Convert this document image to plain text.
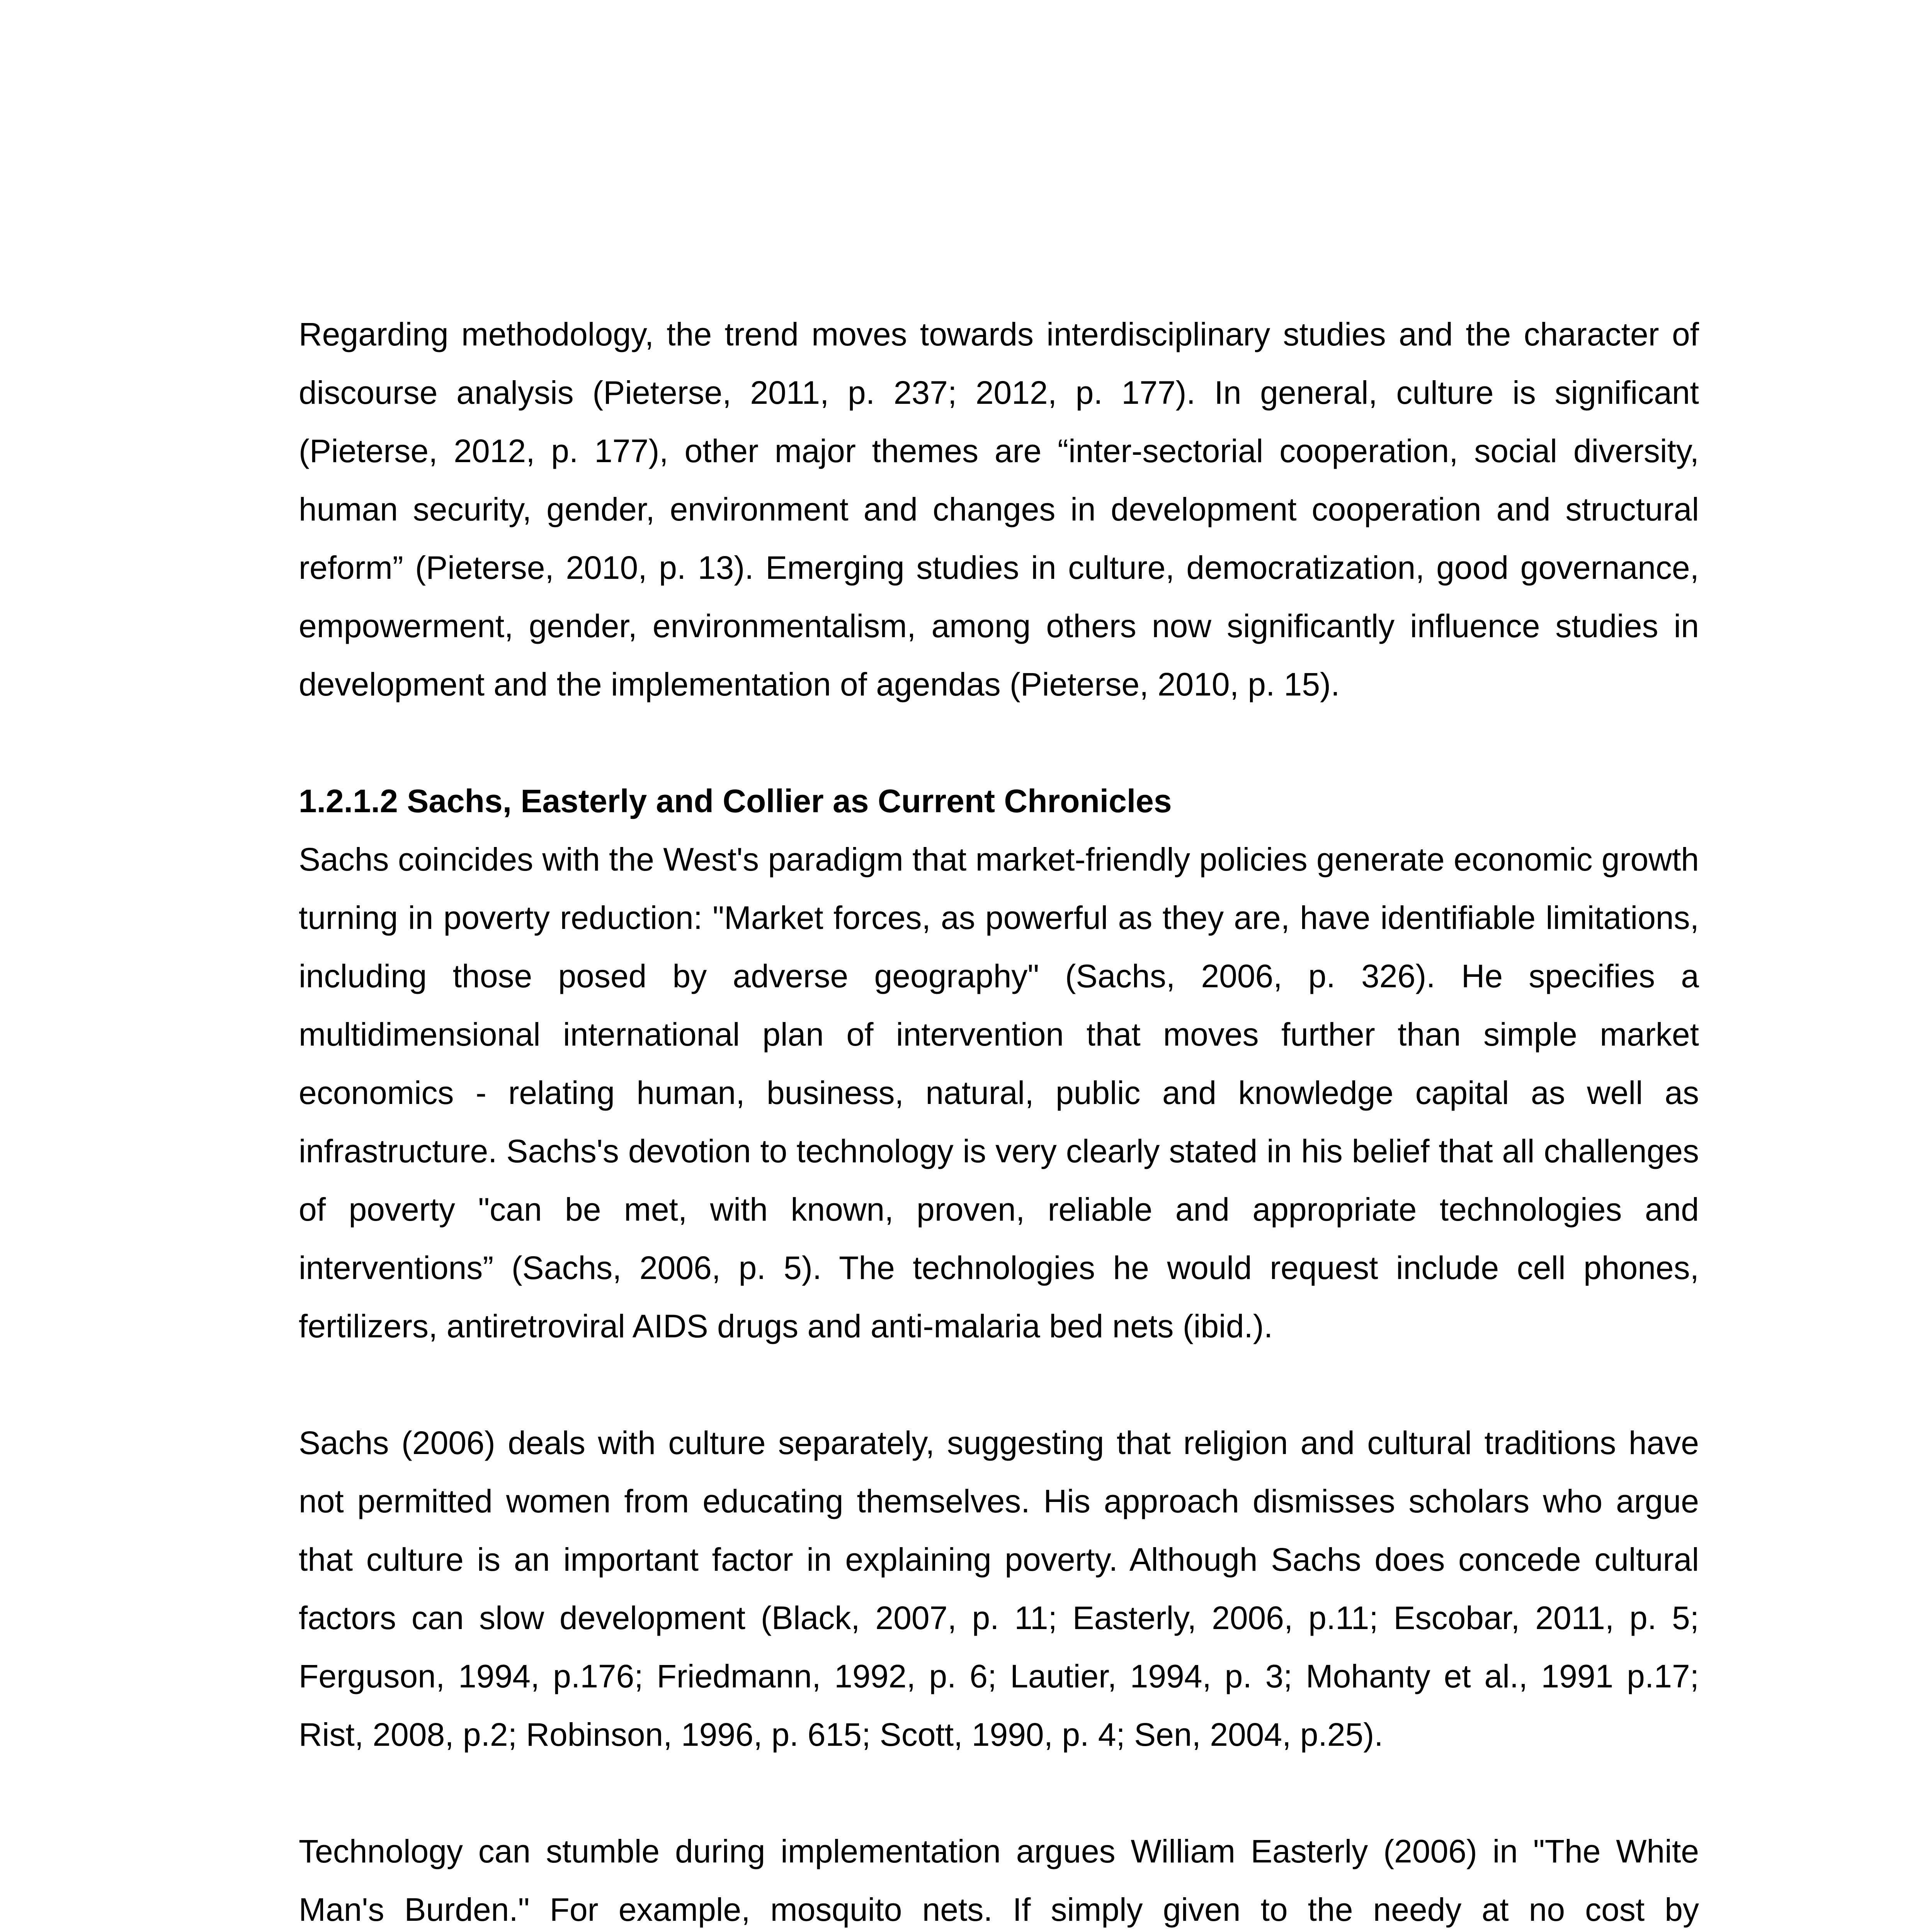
Regarding methodology, the trend moves towards interdisciplinary studies and the character of discourse analysis (Pieterse, 2011, p. 237; 2012, p. 177). In general, culture is significant (Pieterse, 2012, p. 177), other major themes are “inter-sectorial cooperation, social diversity, human security, gender, environment and changes in development cooperation and structural reform” (Pieterse, 2010, p. 13). Emerging studies in culture, democratization, good governance, empowerment, gender, environmentalism, among others now significantly influence studies in development and the implementation of agendas (Pieterse, 2010, p. 15).

1.2.1.2 Sachs, Easterly and Collier as Current Chronicles

Sachs coincides with the West's paradigm that market-friendly policies generate economic growth turning in poverty reduction: "Market forces, as powerful as they are, have identifiable limitations, including those posed by adverse geography" (Sachs, 2006, p. 326). He specifies a multidimensional international plan of intervention that moves further than simple market economics - relating human, business, natural, public and knowledge capital as well as infrastructure. Sachs's devotion to technology is very clearly stated in his belief that all challenges of poverty "can be met, with known, proven, reliable and appropriate technologies and interventions” (Sachs, 2006, p. 5). The technologies he would request include cell phones, fertilizers, antiretroviral AIDS drugs and anti-malaria bed nets (ibid.).

Sachs (2006) deals with culture separately, suggesting that religion and cultural traditions have not permitted women from educating themselves. His approach dismisses scholars who argue that culture is an important factor in explaining poverty. Although Sachs does concede cultural factors can slow development (Black, 2007, p. 11; Easterly, 2006, p.11; Escobar, 2011, p. 5; Ferguson, 1994, p.176; Friedmann, 1992, p. 6; Lautier, 1994, p. 3; Mohanty et al., 1991 p.17; Rist, 2008, p.2; Robinson, 1996, p. 615; Scott, 1990, p. 4; Sen, 2004, p.25).

Technology can stumble during implementation argues William Easterly (2006) in "The White Man's Burden." For example, mosquito nets. If simply given to the needy at no cost by
